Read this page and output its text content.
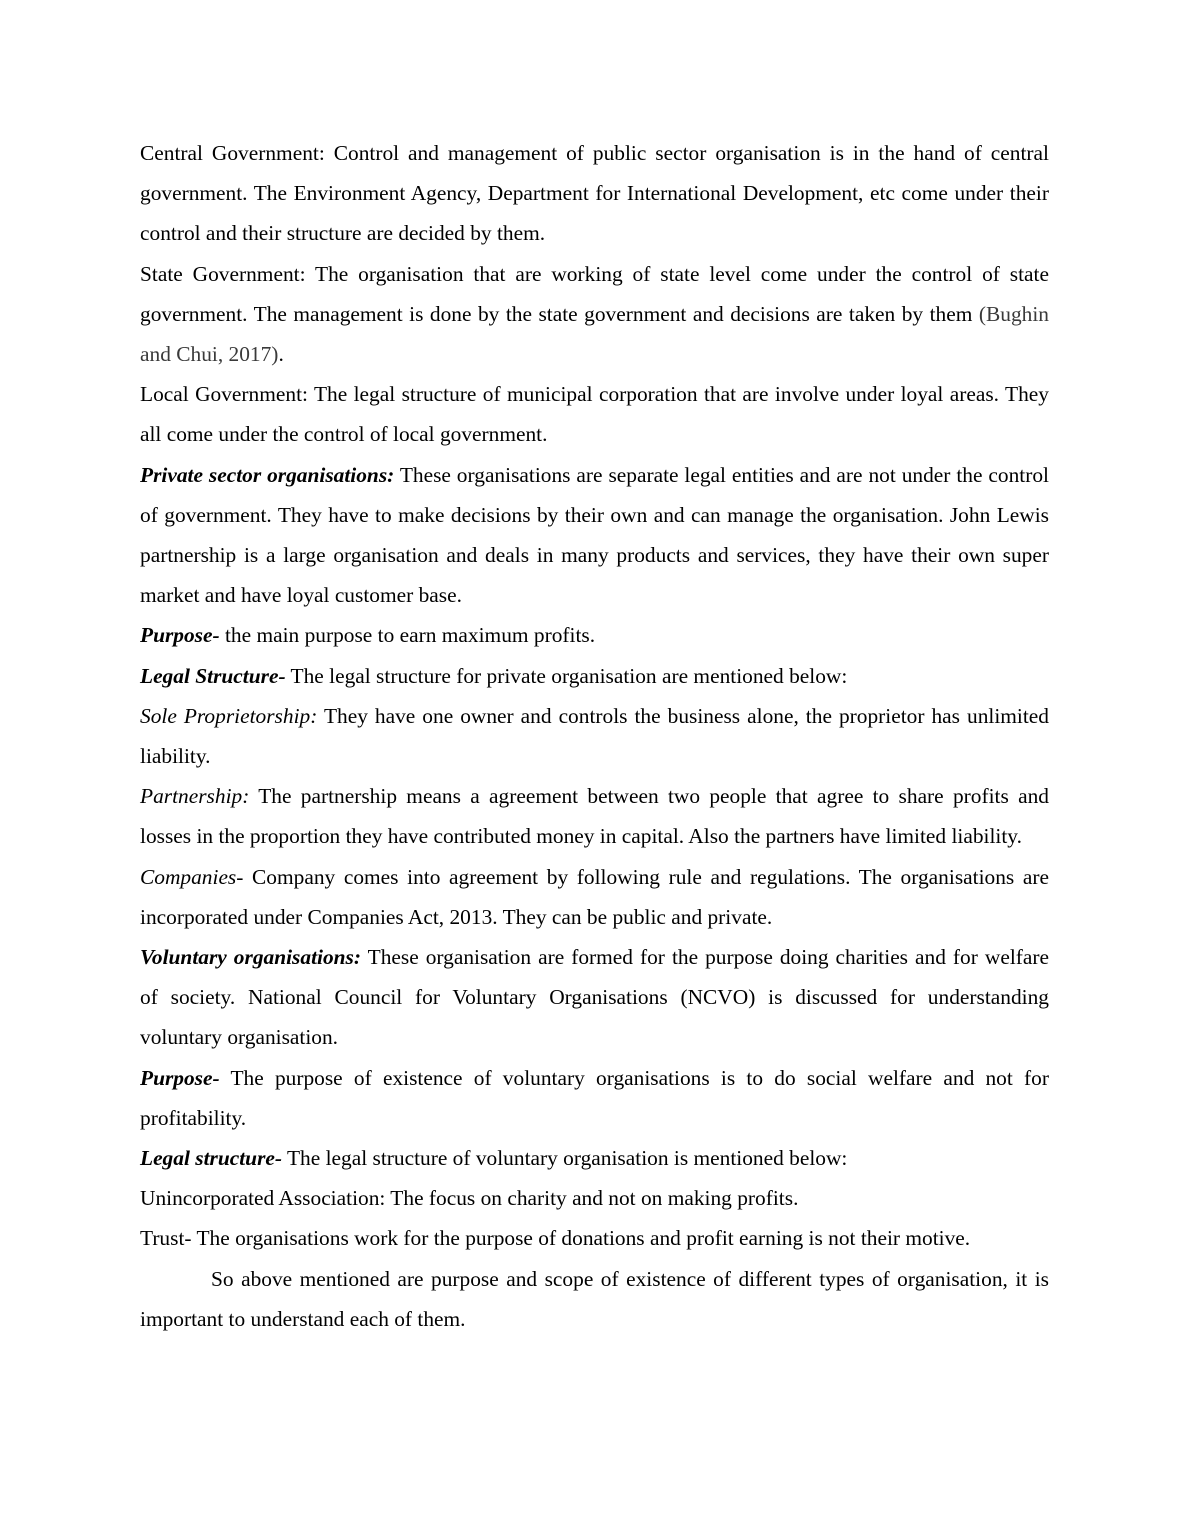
Central Government: Control and management of public sector organisation is in the hand of central government. The Environment Agency, Department for International Development, etc come under their control and their structure are decided by them.

State Government: The organisation that are working of state level come under the control of state government. The management is done by the state government and decisions are taken by them (Bughin and Chui, 2017).

Local Government: The legal structure of municipal corporation that are involve under loyal areas. They all come under the control of local government.

Private sector organisations: These organisations are separate legal entities and are not under the control of government. They have to make decisions by their own and can manage the organisation. John Lewis partnership is a large organisation and deals in many products and services, they have their own super market and have loyal customer base.

Purpose- the main purpose to earn maximum profits.

Legal Structure- The legal structure for private organisation are mentioned below:

Sole Proprietorship: They have one owner and controls the business alone, the proprietor has unlimited liability.

Partnership: The partnership means a agreement between two people that agree to share profits and losses in the proportion they have contributed money in capital. Also the partners have limited liability.

Companies- Company comes into agreement by following rule and regulations. The organisations are incorporated under Companies Act, 2013. They can be public and private.

Voluntary organisations: These organisation are formed for the purpose doing charities and for welfare of society. National Council for Voluntary Organisations (NCVO) is discussed for understanding voluntary organisation.

Purpose- The purpose of existence of voluntary organisations is to do social welfare and not for profitability.

Legal structure- The legal structure of voluntary organisation is mentioned below:

Unincorporated Association: The focus on charity and not on making profits.

Trust- The organisations work for the purpose of donations and profit earning is not their motive.

So above mentioned are purpose and scope of existence of different types of organisation, it is important to understand each of them.
